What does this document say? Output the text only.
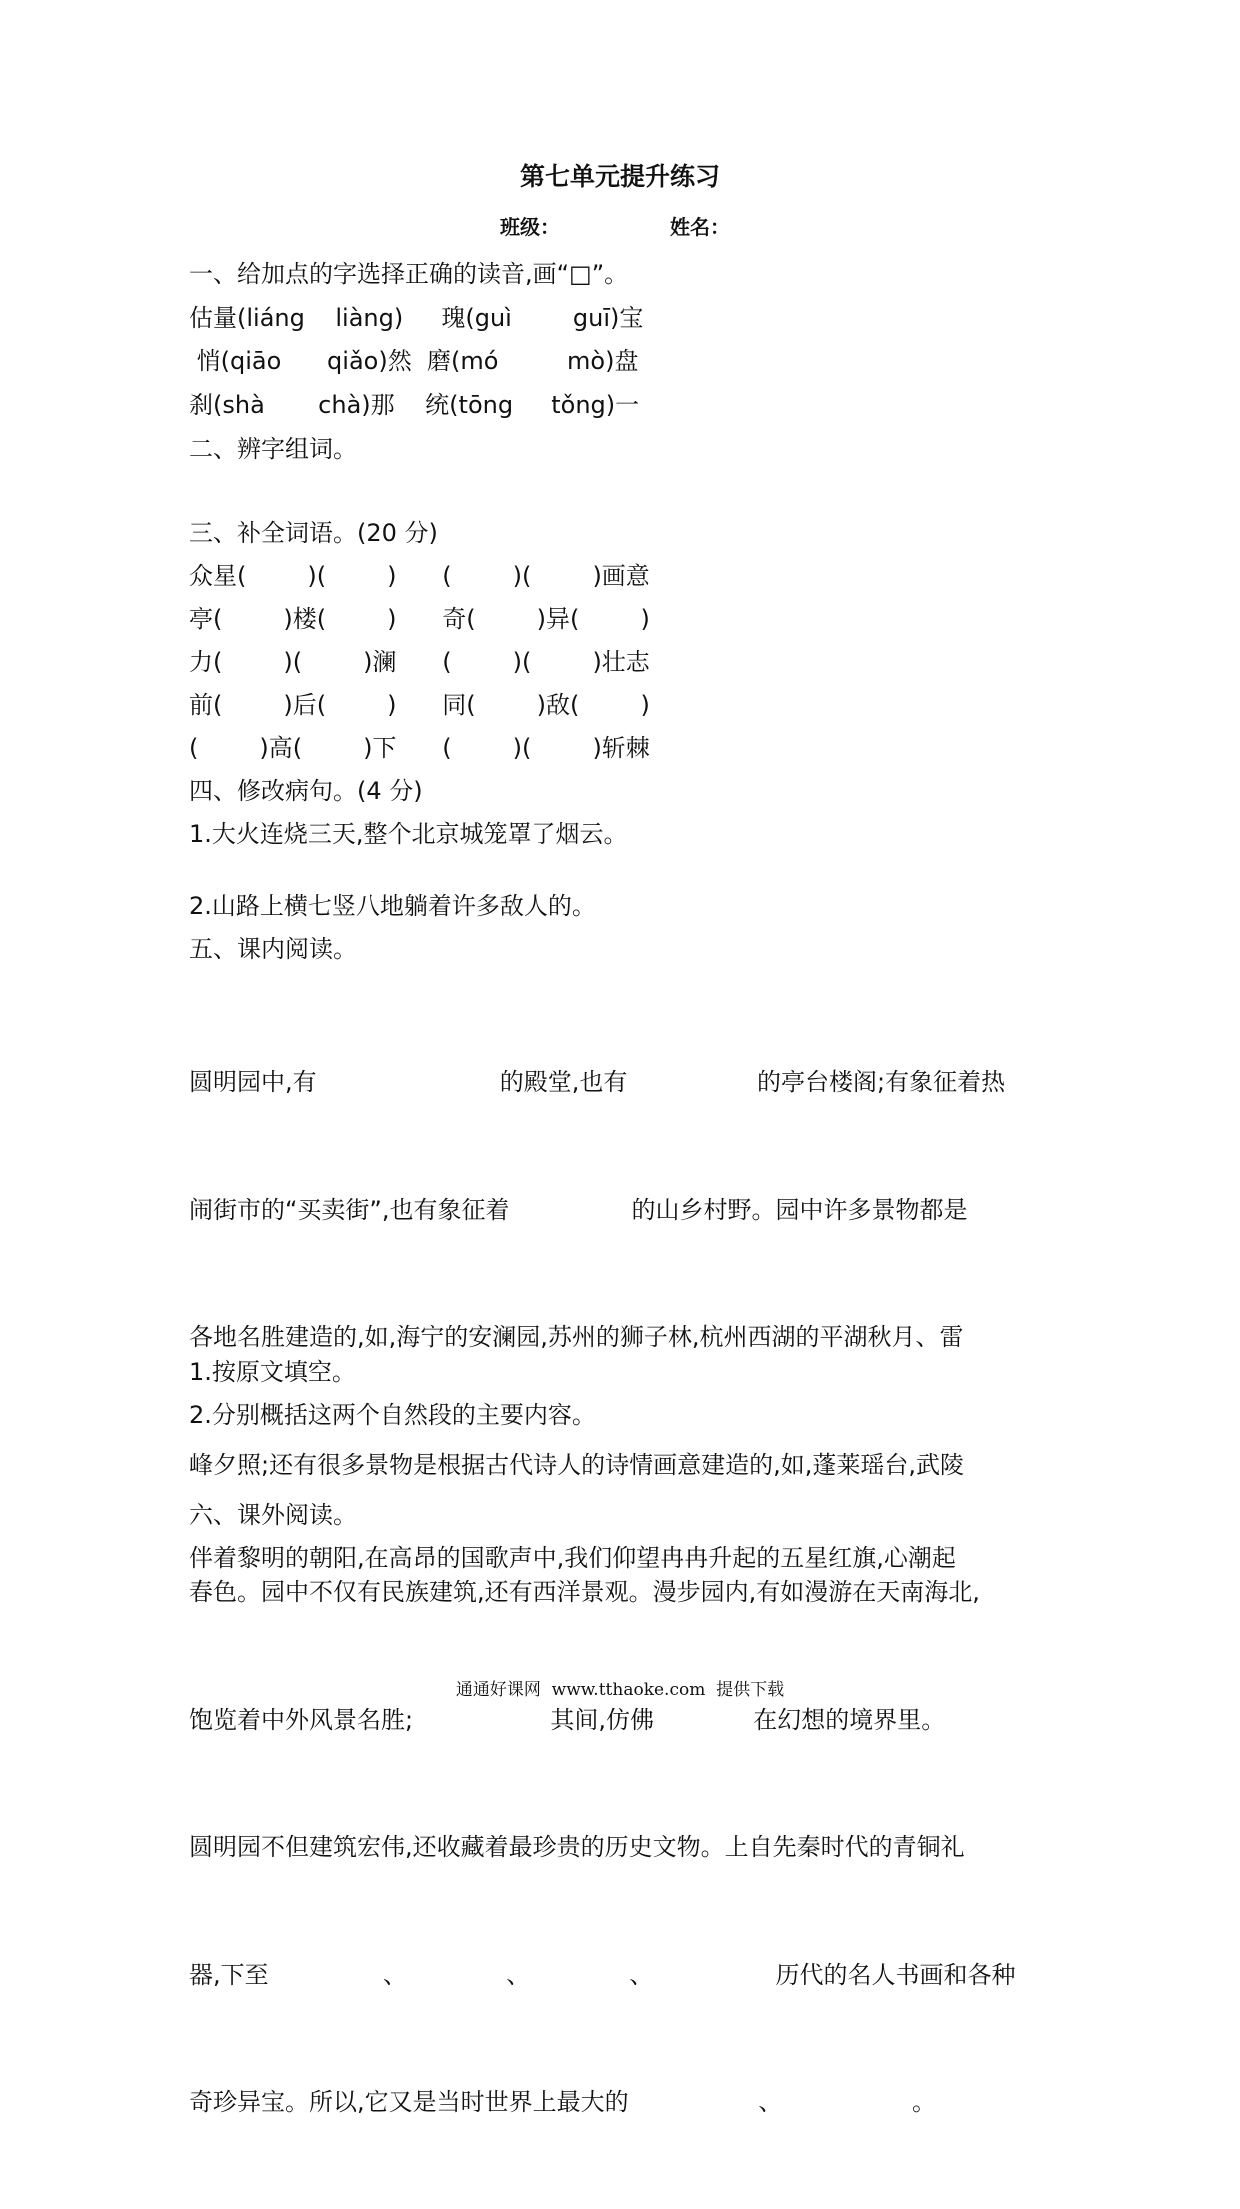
第七单元提升练习
班级：	姓名：
一、给加点的字选择正确的读音,画“□”。
估量(liáng    liàng)     瑰(guì        guī)宝
悄(qiāo      qiǎo)然  磨(mó         mò)盘
刹(shà       chà)那    统(tōng     tǒng)一
二、辨字组词。
三、补全词语。(20 分)
众星(        )(        )      (        )(        )画意
亭(        )楼(        )      奇(        )异(        )
力(        )(        )澜      (        )(        )壮志
前(        )后(        )      同(        )敌(        )
(        )高(        )下      (        )(        )斩棘
四、修改病句。(4 分)
1.大火连烧三天,整个北京城笼罩了烟云。
2.山路上横七竖八地躺着许多敌人的。
五、课内阅读。

圆明园中,有                        的殿堂,也有                 的亭台楼阁;有象征着热

闹街市的“买卖街”,也有象征着                的山乡村野。园中许多景物都是

各地名胜建造的,如,海宁的安澜园,苏州的狮子林,杭州西湖的平湖秋月、雷

峰夕照;还有很多景物是根据古代诗人的诗情画意建造的,如,蓬莱瑶台,武陵

春色。园中不仅有民族建筑,还有西洋景观。漫步园内,有如漫游在天南海北,

饱览着中外风景名胜;                  其间,仿佛             在幻想的境界里。

圆明园不但建筑宏伟,还收藏着最珍贵的历史文物。上自先秦时代的青铜礼

器,下至               、             、             、                历代的名人书画和各种

奇珍异宝。所以,它又是当时世界上最大的                 、                 。

1.按原文填空。
2.分别概括这两个自然段的主要内容。
六、课外阅读。
伴着黎明的朝阳,在高昂的国歌声中,我们仰望冉冉升起的五星红旗,心潮起
通通好课网  www.tthaoke.com  提供下载
